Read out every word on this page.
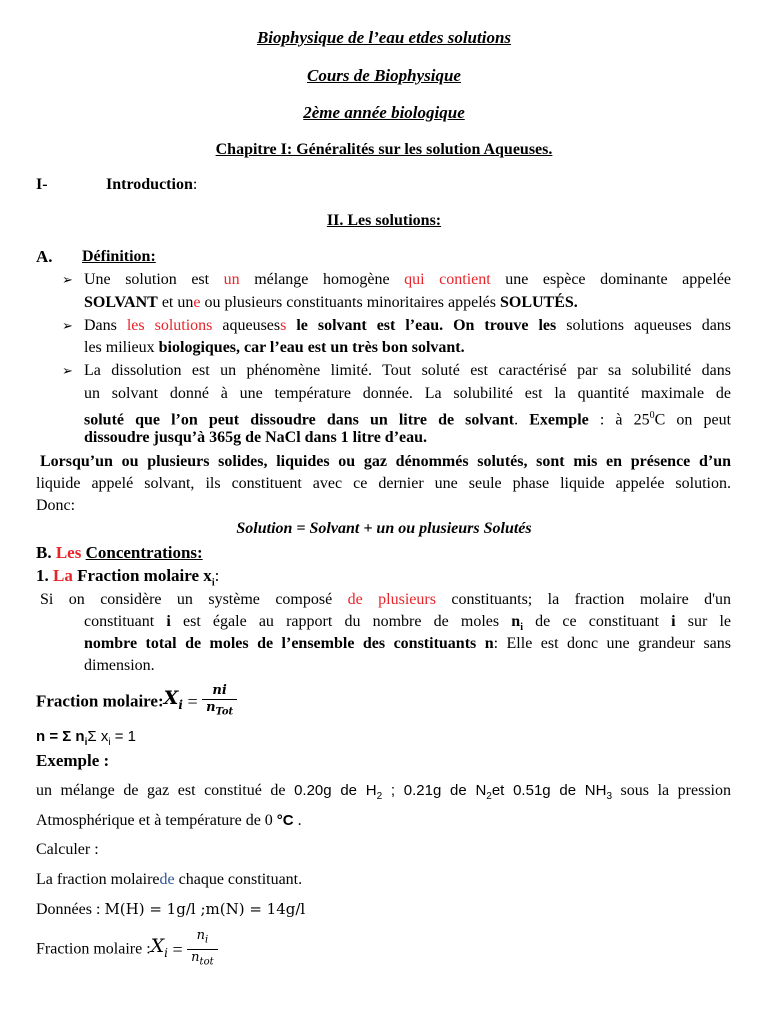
Biophysique de l’eau etdes solutions
Cours de Biophysique
2ème année biologique
Chapitre I: Généralités sur les solution Aqueuses.
I-	Introduction:
II. Les solutions:
A. Définition:
➢ Une solution est un mélange homogène qui contient une espèce dominante appelée
SOLVANT et une ou plusieurs constituants minoritaires appelés SOLUTÉS.
➢ Dans les solutions aqueusess le solvant est l’eau. On trouve les solutions aqueuses dans
les milieux biologiques, car l’eau est un très bon solvant.
➢ La dissolution est un phénomène limité. Tout soluté est caractérisé par sa solubilité dans
un solvant donné à une température donnée. La solubilité est la quantité maximale de
soluté que l’on peut dissoudre dans un litre de solvant. Exemple : à $25^0C$ on peut
dissoudre jusqu’à 365g de NaCl dans 1 litre d’eau.
Lorsqu’un ou plusieurs solides, liquides ou gaz dénommés solutés, sont mis en présence d’un
liquide appelé solvant, ils constituent avec ce dernier une seule phase liquide appelée solution.
Donc:
Solution = Solvant + un ou plusieurs Solutés
B. Les Concentrations:
1. La Fraction molaire $x_i$:
Si on considère un système composé de plusieurs constituants; la fraction molaire d'un
constituant i est égale au rapport du nombre de moles $n_i$ de ce constituant i sur le
nombre total de moles de l’ensemble des constituants n: Elle est donc une grandeur sans
dimension.
Fraction $molaire:X_i = \frac{ni}{n_{Tot}}$
n = Σ $n_i\Sigma$ $x_i = 1$
Exemple :
un mélange de gaz est constitué de 0.20g de $H_2$ ; 0.21g de $N_2et$ 0.51g de $NH_3$ sous la pression
Atmosphérique et à température de 0 °C .
Calculer :
La fraction molairede chaque constituant.
Données : M(H) = 1g/l ;m(N) = 14g/l
Fraction molaire $:X_i = \frac{n_i}{n_{tot}}$
